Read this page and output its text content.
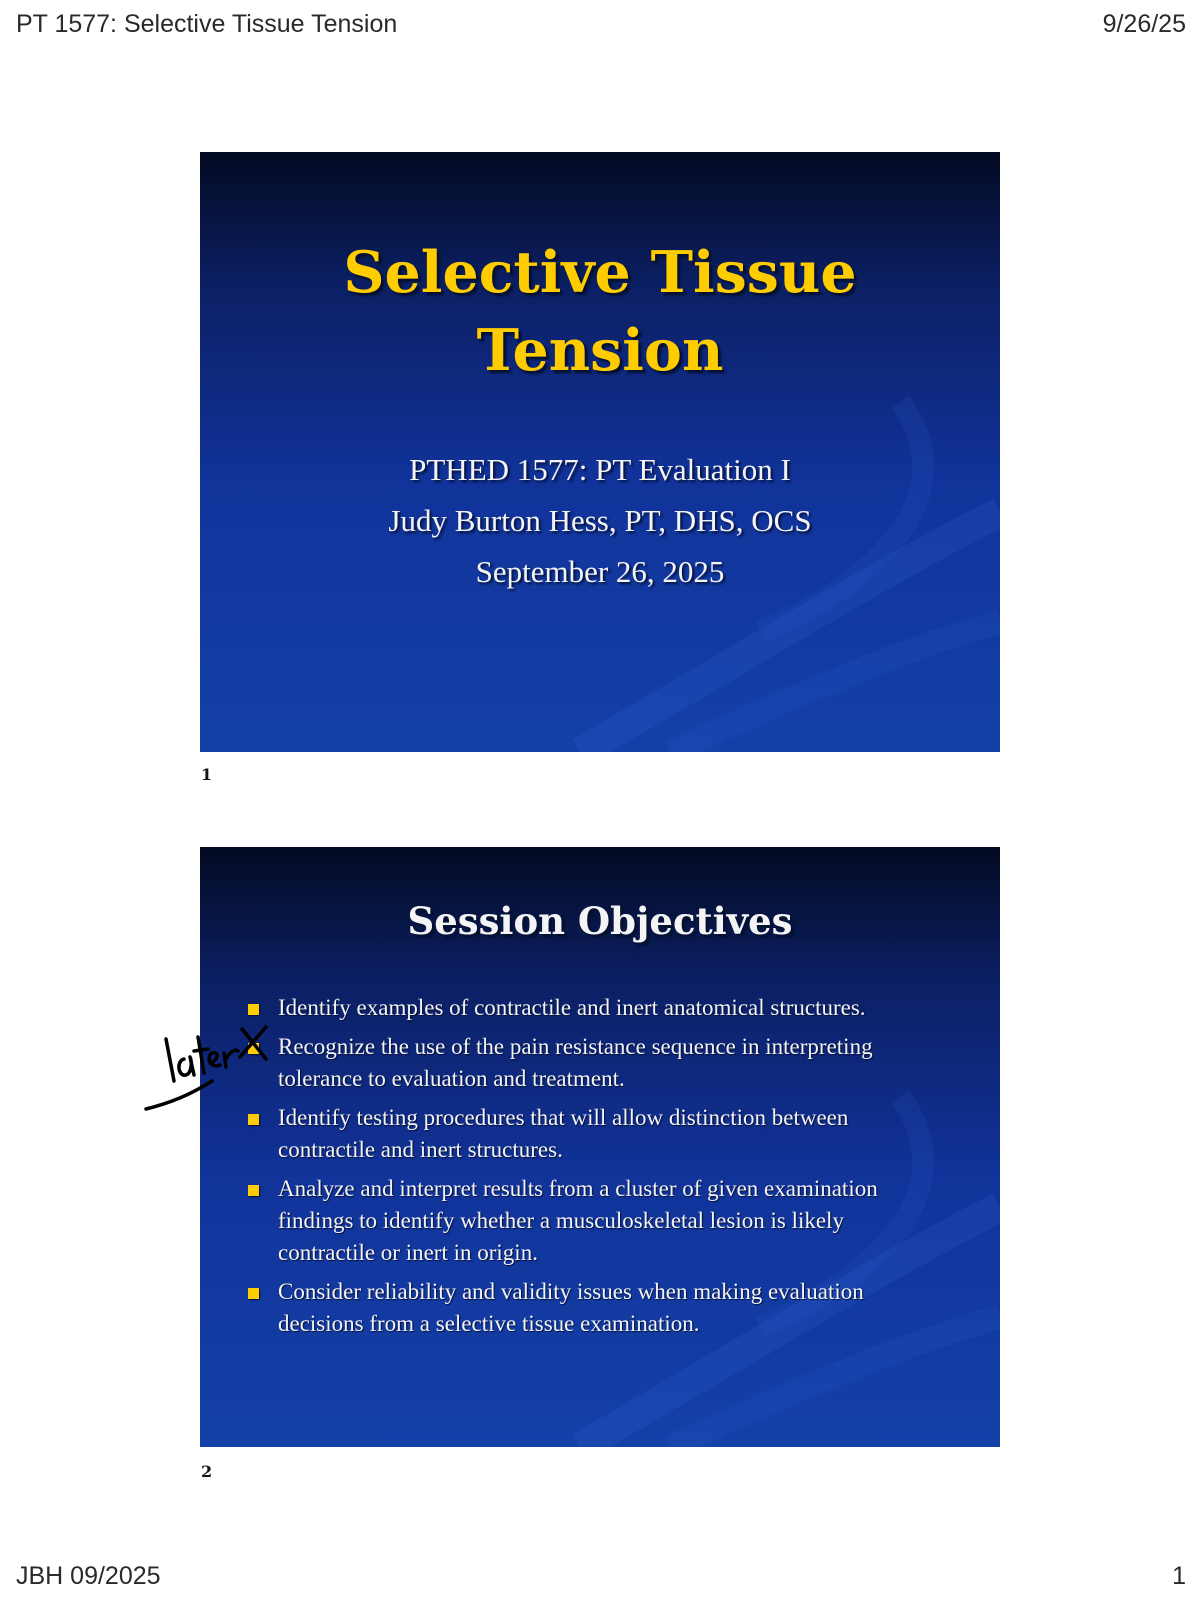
PT 1577: Selective Tissue Tension	9/26/25
Selective Tissue
Tension
PTHED 1577: PT Evaluation I
Judy Burton Hess, PT, DHS, OCS
September 26, 2025
1
Session Objectives
Identify examples of contractile and inert anatomical structures.
Recognize the use of the pain resistance sequence in interpreting tolerance to evaluation and treatment.
Identify testing procedures that will allow distinction between contractile and inert structures.
Analyze and interpret results from a cluster of given examination findings to identify whether a musculoskeletal lesion is likely contractile or inert in origin.
Consider reliability and validity issues when making evaluation decisions from a selective tissue examination.
2
JBH 09/2025	1
